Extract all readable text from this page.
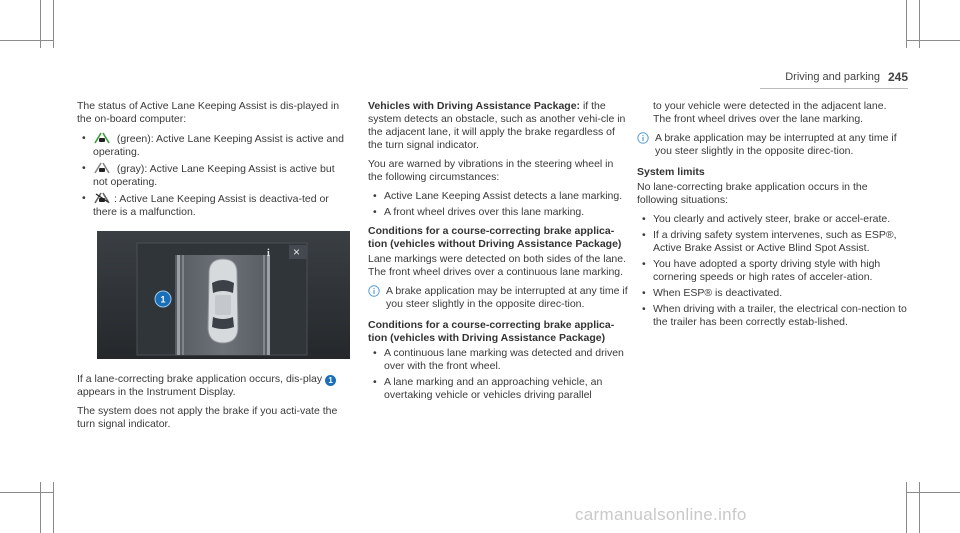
Driving and parking 245

The status of Active Lane Keeping Assist is dis-played in the on-board computer:

• (green): Active Lane Keeping Assist is active and operating.
• (gray): Active Lane Keeping Assist is active but not operating.
• : Active Lane Keeping Assist is deactiva-ted or there is a malfunction.
i ×
1

If a lane-correcting brake application occurs, dis-play 1 appears in the Instrument Display.

The system does not apply the brake if you acti-vate the turn signal indicator.

Vehicles with Driving Assistance Package: if the system detects an obstacle, such as another vehi-cle in the adjacent lane, it will apply the brake regardless of the turn signal indicator.

You are warned by vibrations in the steering wheel in the following circumstances:

• Active Lane Keeping Assist detects a lane marking.
• A front wheel drives over this lane marking.
Conditions for a course-correcting brake applica-tion (vehicles without Driving Assistance Package)

Lane markings were detected on both sides of the lane. The front wheel drives over a continuous lane marking.

A brake application may be interrupted at any time if you steer slightly in the opposite direc-tion.
Conditions for a course-correcting brake applica-tion (vehicles with Driving Assistance Package)
• A continuous lane marking was detected and driven over with the front wheel.
• A lane marking and an approaching vehicle, an overtaking vehicle or vehicles driving parallel

to your vehicle were detected in the adjacent lane. The front wheel drives over the lane marking.

A brake application may be interrupted at any time if you steer slightly in the opposite direc-tion.
System limits

No lane-correcting brake application occurs in the following situations:

• You clearly and actively steer, brake or accel-erate.
• If a driving safety system intervenes, such as ESP®, Active Brake Assist or Active Blind Spot Assist.
• You have adopted a sporty driving style with high cornering speeds or high rates of acceler-ation.
• When ESP® is deactivated.
• When driving with a trailer, the electrical con-nection to the trailer has been correctly estab-lished.
carmanualsonline.info
